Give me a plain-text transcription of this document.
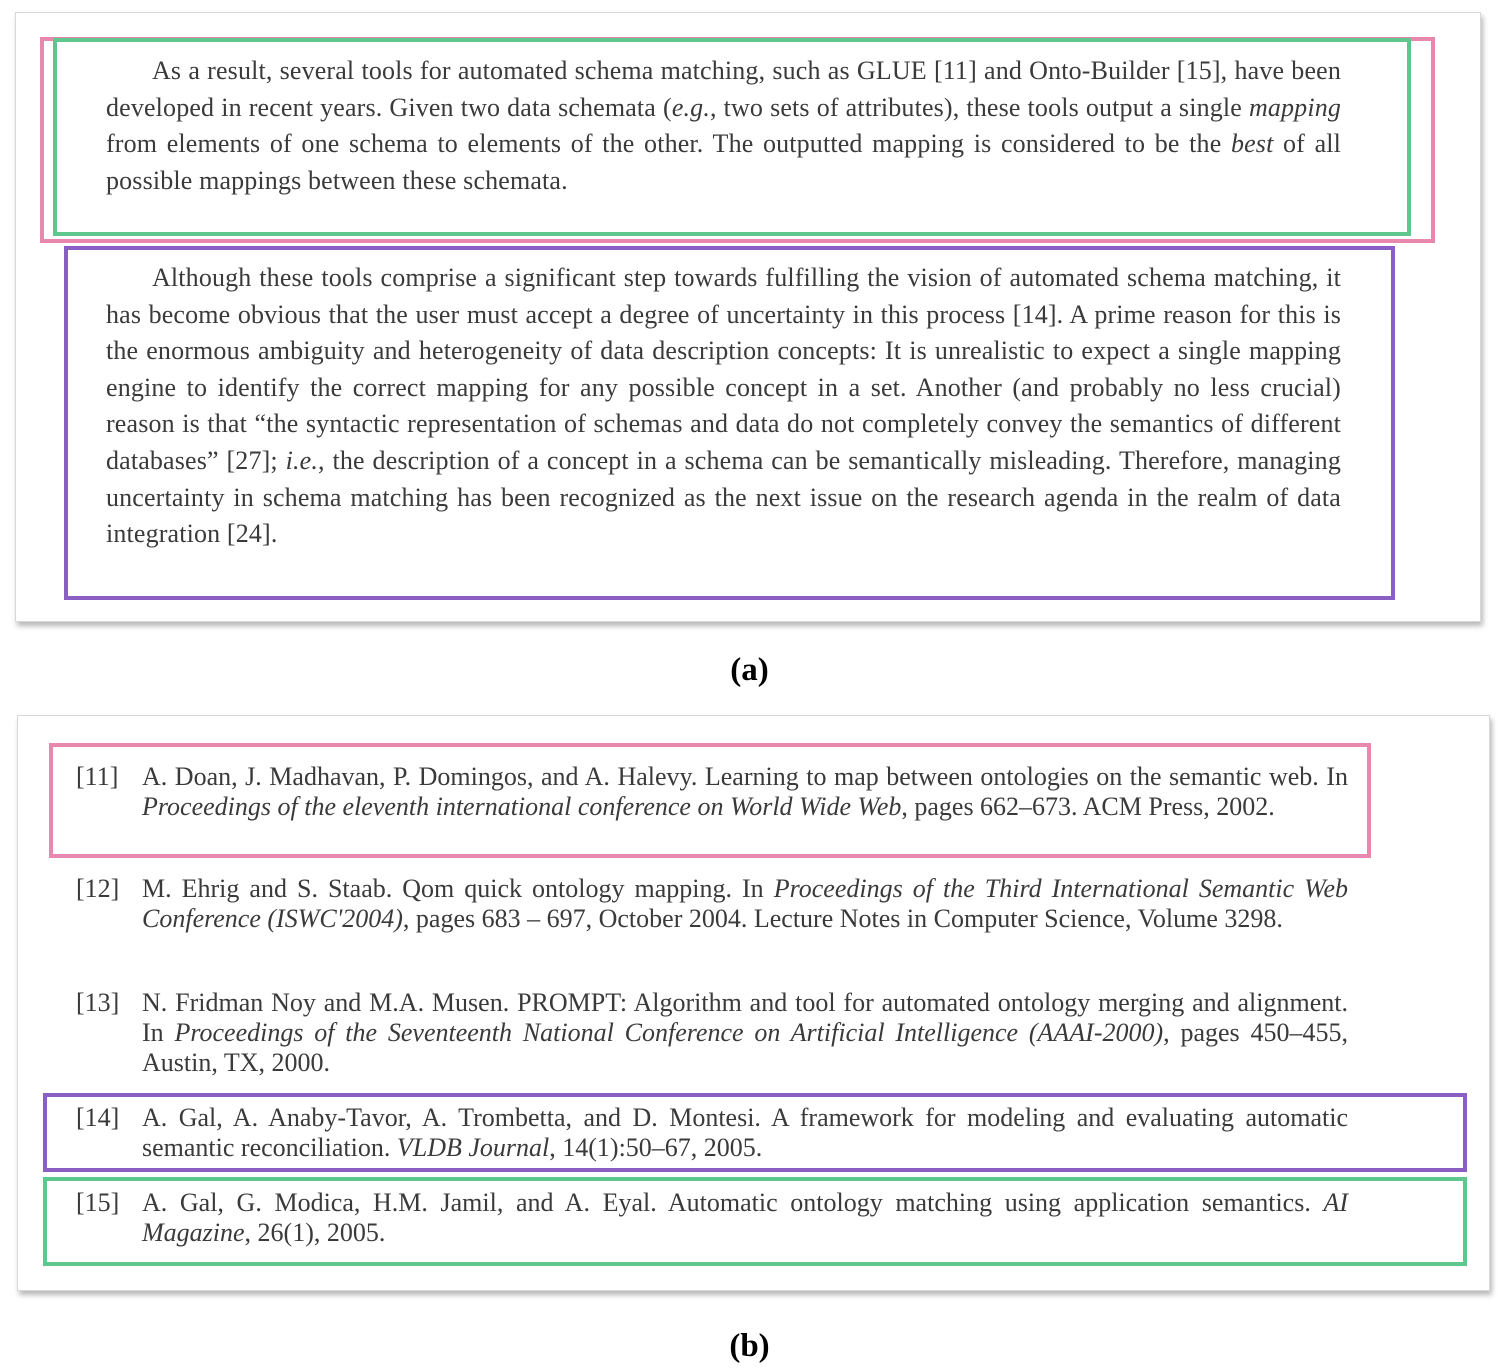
As a result, several tools for automated schema matching, such as GLUE [11] and Onto-Builder [15], have been developed in recent years. Given two data schemata (e.g., two sets of attributes), these tools output a single mapping from elements of one schema to elements of the other. The outputted mapping is considered to be the best of all possible mappings between these schemata.

Although these tools comprise a significant step towards fulfilling the vision of automated schema matching, it has become obvious that the user must accept a degree of uncertainty in this process [14]. A prime reason for this is the enormous ambiguity and heterogeneity of data description concepts: It is unrealistic to expect a single mapping engine to identify the correct mapping for any possible concept in a set. Another (and probably no less crucial) reason is that “the syntactic representation of schemas and data do not completely convey the semantics of different databases” [27]; i.e., the description of a concept in a schema can be semantically misleading. Therefore, managing uncertainty in schema matching has been recognized as the next issue on the research agenda in the realm of data integration [24].

(a)
[11] A. Doan, J. Madhavan, P. Domingos, and A. Halevy. Learning to map between ontologies on the semantic web. In Proceedings of the eleventh international conference on World Wide Web, pages 662–673. ACM Press, 2002.
[12] M. Ehrig and S. Staab. Qom quick ontology mapping. In Proceedings of the Third International Semantic Web Conference (ISWC'2004), pages 683 – 697, October 2004. Lecture Notes in Computer Science, Volume 3298.
[13] N. Fridman Noy and M.A. Musen. PROMPT: Algorithm and tool for automated ontology merging and alignment. In Proceedings of the Seventeenth National Conference on Artificial Intelligence (AAAI-2000), pages 450–455, Austin, TX, 2000.
[14] A. Gal, A. Anaby-Tavor, A. Trombetta, and D. Montesi. A framework for modeling and evaluating automatic semantic reconciliation. VLDB Journal, 14(1):50–67, 2005.
[15] A. Gal, G. Modica, H.M. Jamil, and A. Eyal. Automatic ontology matching using application semantics. AI Magazine, 26(1), 2005.
(b)
